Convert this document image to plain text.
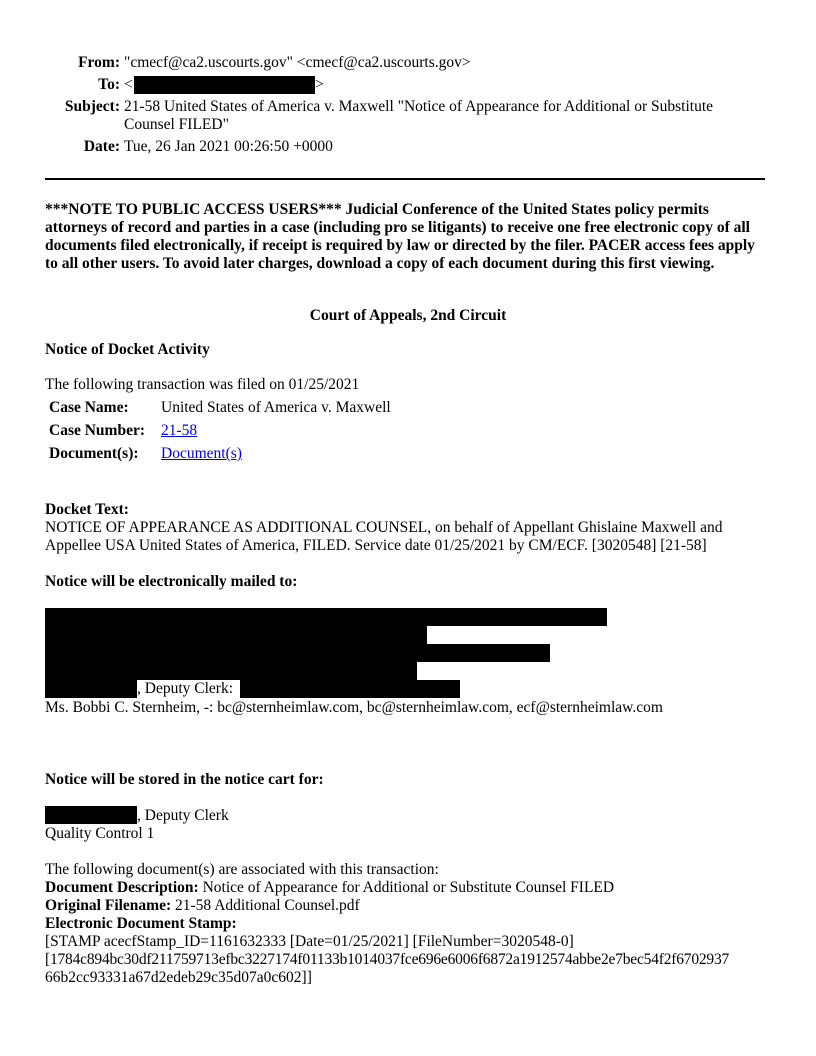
From: "cmecf@ca2.uscourts.gov" <cmecf@ca2.uscourts.gov>
To: <	>
Subject: 21-58 United States of America v. Maxwell "Notice of Appearance for Additional or Substitute
Counsel FILED"
Date: Tue, 26 Jan 2021 00:26:50 +0000
***NOTE TO PUBLIC ACCESS USERS*** Judicial Conference of the United States policy permits attorneys of record and parties in a case (including pro se litigants) to receive one free electronic copy of all documents filed electronically, if receipt is required by law or directed by the filer. PACER access fees apply to all other users. To avoid later charges, download a copy of each document during this first viewing.
Court of Appeals, 2nd Circuit
Notice of Docket Activity
The following transaction was filed on 01/25/2021
Case Name: United States of America v. Maxwell
Case Number: 21-58
Document(s): Document(s)
Docket Text:
NOTICE OF APPEARANCE AS ADDITIONAL COUNSEL, on behalf of Appellant Ghislaine Maxwell and
Appellee USA United States of America, FILED. Service date 01/25/2021 by CM/ECF. [3020548] [21-58]
Notice will be electronically mailed to:
, Deputy Clerk:
Ms. Bobbi C. Sternheim, -: bc@sternheimlaw.com, bc@sternheimlaw.com, ecf@sternheimlaw.com
Notice will be stored in the notice cart for:
, Deputy Clerk
Quality Control 1
The following document(s) are associated with this transaction:
Document Description: Notice of Appearance for Additional or Substitute Counsel FILED
Original Filename: 21-58 Additional Counsel.pdf
Electronic Document Stamp:
[STAMP acecfStamp_ID=1161632333 [Date=01/25/2021] [FileNumber=3020548-0]
[1784c894bc30df211759713efbc3227174f01133b1014037fce696e6006f6872a1912574abbe2e7bec54f2f6702937
66b2cc93331a67d2edeb29c35d07a0c602]]
